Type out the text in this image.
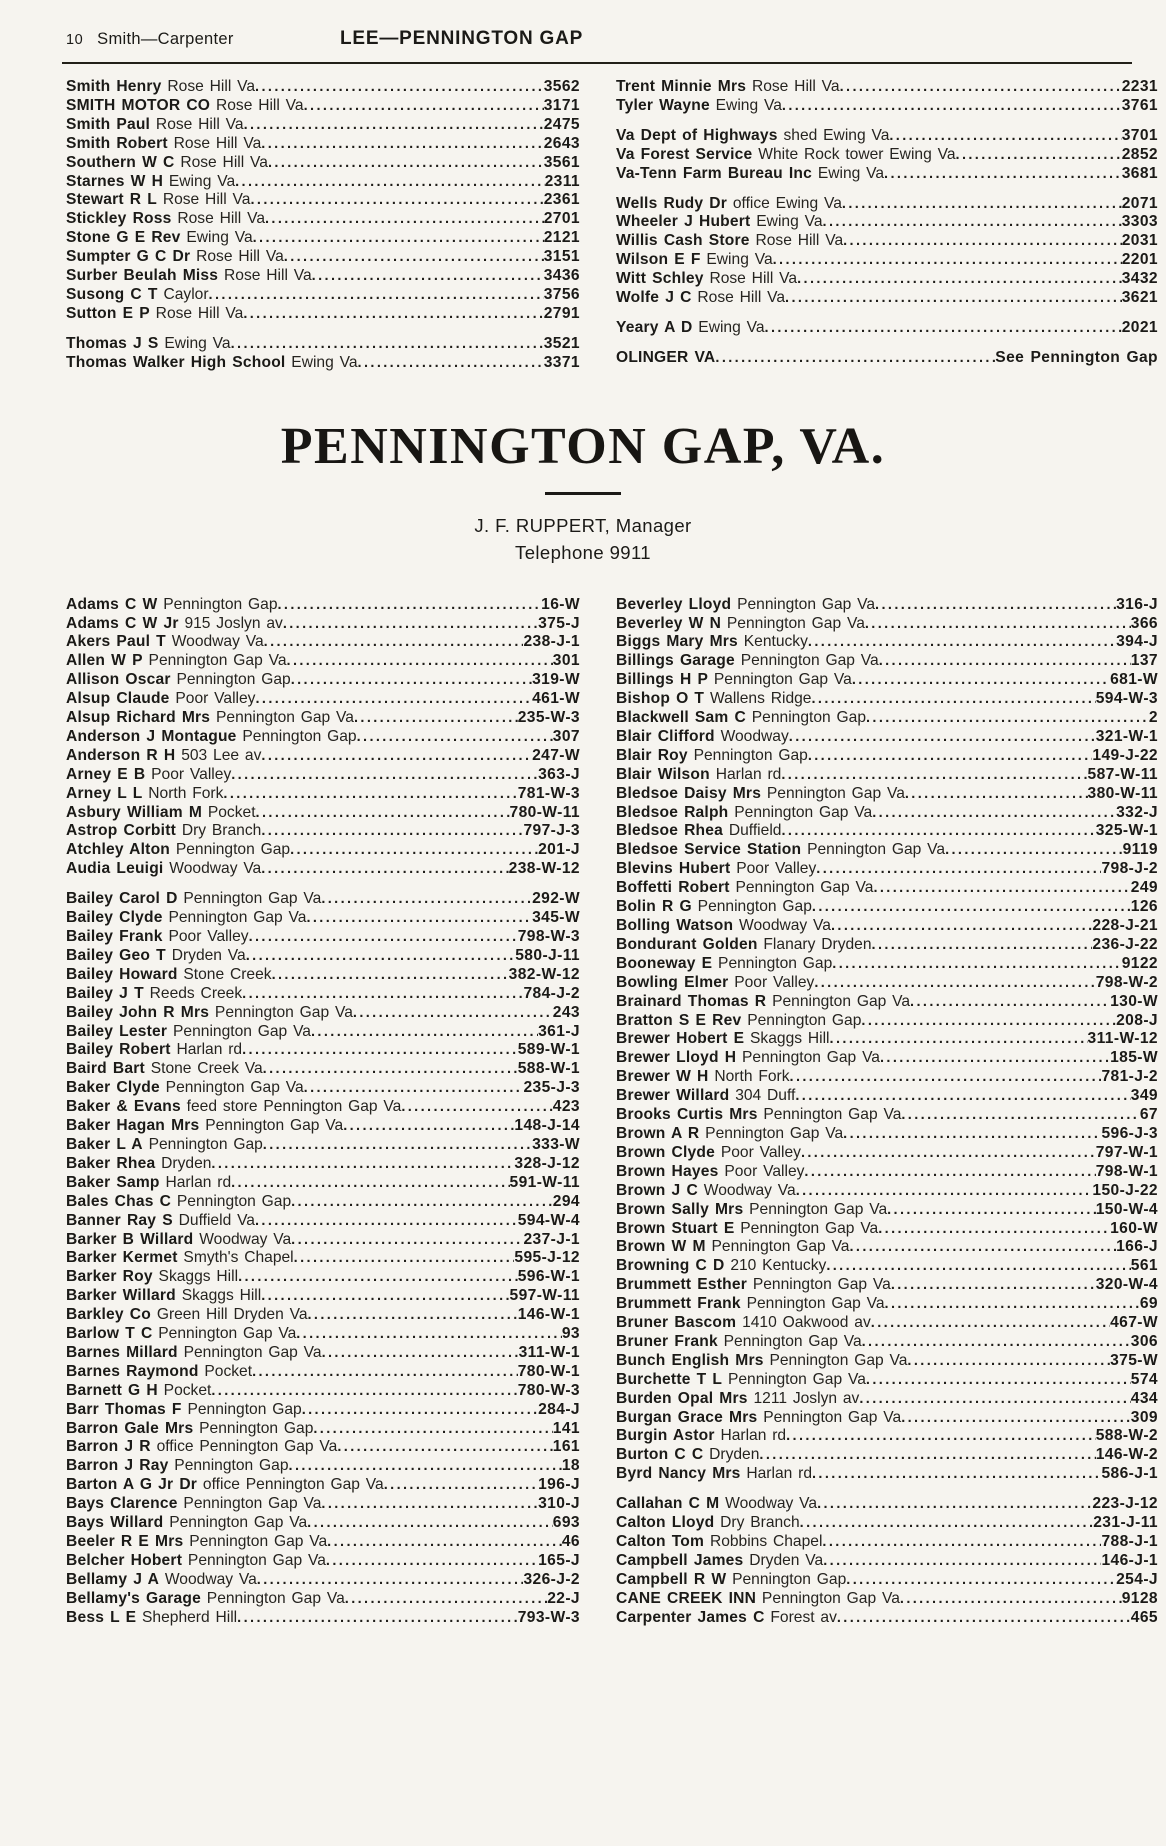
10 Smith—Carpenter	LEE—PENNINGTON GAP
Smith Henry Rose Hill Va .....	3562
SMITH MOTOR CO Rose Hill Va .....	3171
Smith Paul Rose Hill Va .....	2475
Smith Robert Rose Hill Va .....	2643
Southern W C Rose Hill Va .....	3561
Starnes W H Ewing Va .....	2311
Stewart R L Rose Hill Va .....	2361
Stickley Ross Rose Hill Va .....	2701
Stone G E Rev Ewing Va .....	2121
Sumpter G C Dr Rose Hill Va .....	3151
Surber Beulah Miss Rose Hill Va .....	3436
Susong C T Caylor .....	3756
Sutton E P Rose Hill Va .....	2791
Thomas J S Ewing Va .....	3521
Thomas Walker High School Ewing Va .....	3371
Trent Minnie Mrs Rose Hill Va .....	2231
Tyler Wayne Ewing Va .....	3761
Va Dept of Highways shed Ewing Va .....	3701
Va Forest Service White Rock tower Ewing Va .....	2852
Va-Tenn Farm Bureau Inc Ewing Va .....	3681
Wells Rudy Dr office Ewing Va .....	2071
Wheeler J Hubert Ewing Va .....	3303
Willis Cash Store Rose Hill Va .....	2031
Wilson E F Ewing Va .....	2201
Witt Schley Rose Hill Va .....	3432
Wolfe J C Rose Hill Va .....	3621
Yeary A D Ewing Va .....	2021
OLINGER VA .....	See Pennington Gap
PENNINGTON GAP, VA.
J. F. RUPPERT, Manager
Telephone 9911
Adams C W Pennington Gap .....	16-W
Adams C W Jr 915 Joslyn av .....	375-J
Akers Paul T Woodway Va .....	238-J-1
Allen W P Pennington Gap Va .....	301
Allison Oscar Pennington Gap .....	319-W
Alsup Claude Poor Valley .....	461-W
Alsup Richard Mrs Pennington Gap Va .....	235-W-3
Anderson J Montague Pennington Gap .....	307
Anderson R H 503 Lee av .....	247-W
Arney E B Poor Valley .....	363-J
Arney L L North Fork .....	781-W-3
Asbury William M Pocket .....	780-W-11
Astrop Corbitt Dry Branch .....	797-J-3
Atchley Alton Pennington Gap .....	201-J
Audia Leuigi Woodway Va .....	238-W-12
Bailey Carol D Pennington Gap Va .....	292-W
Bailey Clyde Pennington Gap Va .....	345-W
Bailey Frank Poor Valley .....	798-W-3
Bailey Geo T Dryden Va .....	580-J-11
Bailey Howard Stone Creek .....	382-W-12
Bailey J T Reeds Creek .....	784-J-2
Bailey John R Mrs Pennington Gap Va .....	243
Bailey Lester Pennington Gap Va .....	361-J
Bailey Robert Harlan rd .....	589-W-1
Baird Bart Stone Creek Va .....	588-W-1
Baker Clyde Pennington Gap Va .....	235-J-3
Baker & Evans feed store Pennington Gap Va .....	423
Baker Hagan Mrs Pennington Gap Va .....	148-J-14
Baker L A Pennington Gap .....	333-W
Baker Rhea Dryden .....	328-J-12
Baker Samp Harlan rd .....	591-W-11
Bales Chas C Pennington Gap .....	294
Banner Ray S Duffield Va .....	594-W-4
Barker B Willard Woodway Va .....	237-J-1
Barker Kermet Smyth's Chapel .....	595-J-12
Barker Roy Skaggs Hill .....	596-W-1
Barker Willard Skaggs Hill .....	597-W-11
Barkley Co Green Hill Dryden Va .....	146-W-1
Barlow T C Pennington Gap Va .....	93
Barnes Millard Pennington Gap Va .....	311-W-1
Barnes Raymond Pocket .....	780-W-1
Barnett G H Pocket .....	780-W-3
Barr Thomas F Pennington Gap .....	284-J
Barron Gale Mrs Pennington Gap .....	141
Barron J R office Pennington Gap Va .....	161
Barron J Ray Pennington Gap .....	18
Barton A G Jr Dr office Pennington Gap Va .....	196-J
Bays Clarence Pennington Gap Va .....	310-J
Bays Willard Pennington Gap Va .....	693
Beeler R E Mrs Pennington Gap Va .....	46
Belcher Hobert Pennington Gap Va .....	165-J
Bellamy J A Woodway Va .....	326-J-2
Bellamy's Garage Pennington Gap Va .....	22-J
Bess L E Shepherd Hill .....	793-W-3
Beverley Lloyd Pennington Gap Va .....	316-J
Beverley W N Pennington Gap Va .....	366
Biggs Mary Mrs Kentucky .....	394-J
Billings Garage Pennington Gap Va .....	137
Billings H P Pennington Gap Va .....	681-W
Bishop O T Wallens Ridge .....	594-W-3
Blackwell Sam C Pennington Gap .....	2
Blair Clifford Woodway .....	321-W-1
Blair Roy Pennington Gap .....	149-J-22
Blair Wilson Harlan rd .....	587-W-11
Bledsoe Daisy Mrs Pennington Gap Va .....	380-W-11
Bledsoe Ralph Pennington Gap Va .....	332-J
Bledsoe Rhea Duffield .....	325-W-1
Bledsoe Service Station Pennington Gap Va .....	9119
Blevins Hubert Poor Valley .....	798-J-2
Boffetti Robert Pennington Gap Va .....	249
Bolin R G Pennington Gap .....	126
Bolling Watson Woodway Va .....	228-J-21
Bondurant Golden Flanary Dryden .....	236-J-22
Booneway E Pennington Gap .....	9122
Bowling Elmer Poor Valley .....	798-W-2
Brainard Thomas R Pennington Gap Va .....	130-W
Bratton S E Rev Pennington Gap .....	208-J
Brewer Hobert E Skaggs Hill .....	311-W-12
Brewer Lloyd H Pennington Gap Va .....	185-W
Brewer W H North Fork .....	781-J-2
Brewer Willard 304 Duff .....	349
Brooks Curtis Mrs Pennington Gap Va .....	67
Brown A R Pennington Gap Va .....	596-J-3
Brown Clyde Poor Valley .....	797-W-1
Brown Hayes Poor Valley .....	798-W-1
Brown J C Woodway Va .....	150-J-22
Brown Sally Mrs Pennington Gap Va .....	150-W-4
Brown Stuart E Pennington Gap Va .....	160-W
Brown W M Pennington Gap Va .....	166-J
Browning C D 210 Kentucky .....	561
Brummett Esther Pennington Gap Va .....	320-W-4
Brummett Frank Pennington Gap Va .....	69
Bruner Bascom 1410 Oakwood av .....	467-W
Bruner Frank Pennington Gap Va .....	306
Bunch English Mrs Pennington Gap Va .....	375-W
Burchette T L Pennington Gap Va .....	574
Burden Opal Mrs 1211 Joslyn av .....	434
Burgan Grace Mrs Pennington Gap Va .....	309
Burgin Astor Harlan rd .....	588-W-2
Burton C C Dryden .....	146-W-2
Byrd Nancy Mrs Harlan rd .....	586-J-1
Callahan C M Woodway Va .....	223-J-12
Calton Lloyd Dry Branch .....	231-J-11
Calton Tom Robbins Chapel .....	788-J-1
Campbell James Dryden Va .....	146-J-1
Campbell R W Pennington Gap .....	254-J
CANE CREEK INN Pennington Gap Va .....	9128
Carpenter James C Forest av .....	465
